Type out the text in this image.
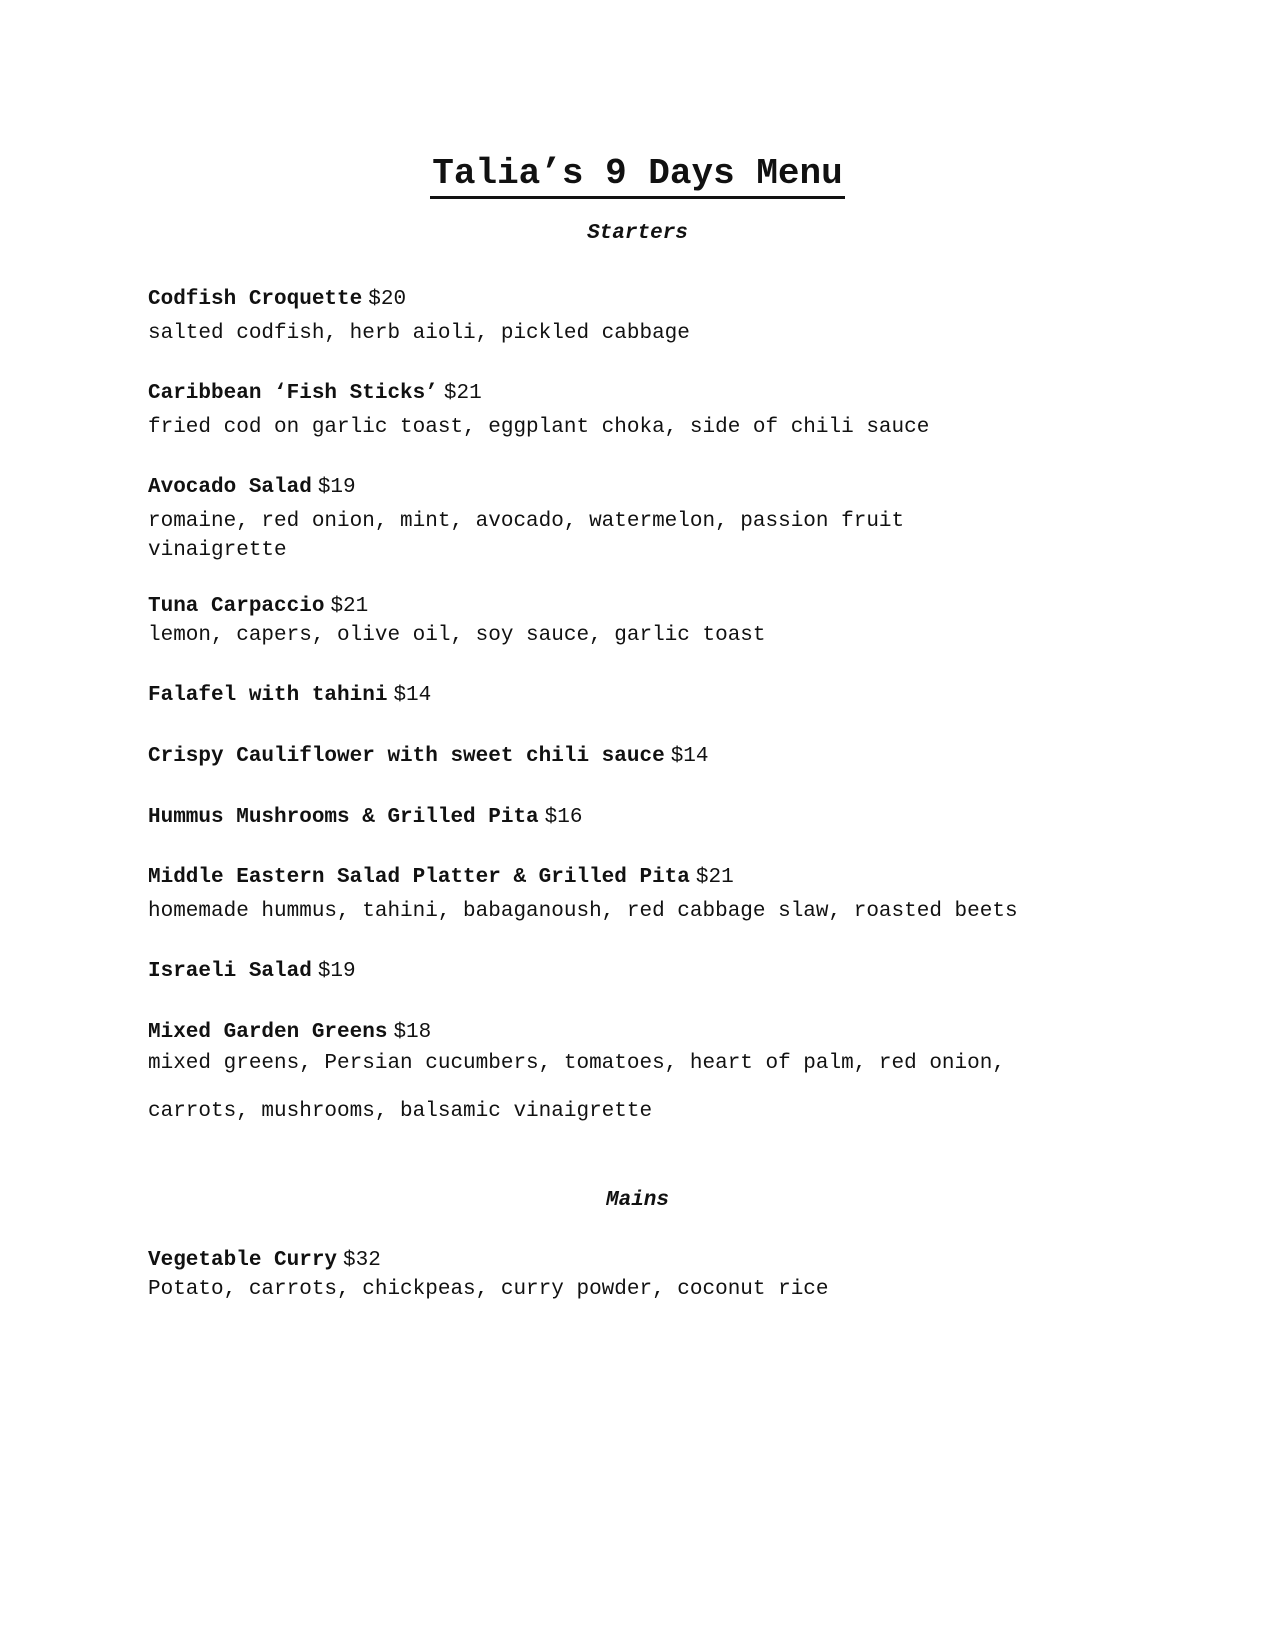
Talia’s 9 Days Menu
Starters
Codfish Croquette $20
salted codfish, herb aioli, pickled cabbage
Caribbean ‘Fish Sticks’ $21
fried cod on garlic toast, eggplant choka, side of chili sauce
Avocado Salad $19
romaine, red onion, mint, avocado, watermelon, passion fruit
vinaigrette
Tuna Carpaccio $21
lemon, capers, olive oil, soy sauce, garlic toast
Falafel with tahini $14
Crispy Cauliflower with sweet chili sauce $14
Hummus Mushrooms & Grilled Pita $16
Middle Eastern Salad Platter & Grilled Pita $21
homemade hummus, tahini, babaganoush, red cabbage slaw, roasted beets
Israeli Salad $19
Mixed Garden Greens $18
mixed greens, Persian cucumbers, tomatoes, heart of palm, red onion,

carrots, mushrooms, balsamic vinaigrette
Mains
Vegetable Curry $32
Potato, carrots, chickpeas, curry powder, coconut rice
